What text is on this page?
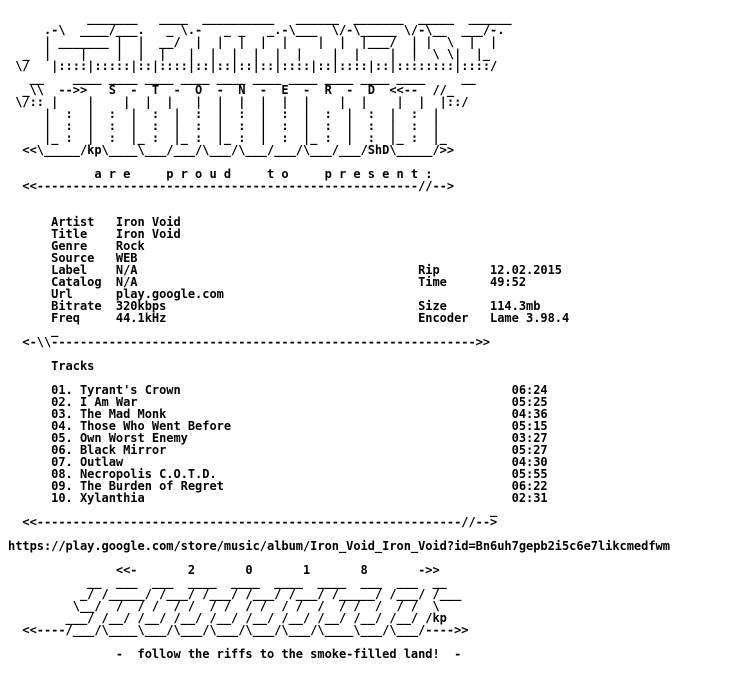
_______   ____  __________   ______  _______  _____  ______
.-\  ____/___.   _ \.-   _ _   _.-\___  \/-\_____ \/-\__  ___/-.
| _______ |  |  __/  |  |  |  |  |    |  |  |___/  | |  \  |  |
_  |    |    |  |  |   |  |  |  |  |  |    |  |    |  |  \ \|  |_
\/   |::::|:::::|::|::::|::|::|::|::|::::|::|::::|::|::::::::|::::/
__    ____ ____ ____ ____ ____ ____ ____ ____ ____ ____     __
_\\  -->>   S  -  T  -  O  -  N  -  E  -  R  -  D  <<--  //_
\/:: |    |    |  |  |   |  |  |  |  |  |    |  |    |  |  |::/
|  :  |  :  |  :  |  :  |  :  |  :  |  :  |  :  |  :  |
|  :  |  :  |  :  |  :  |  :  |  :  |  :  |  :  |  :  |
|_ :  |  :  |_ :  |_ :  |_ :  |  :  |_ :  |  :  |_ :  |_
<<\_____/kp\____\___/___/\___/\___/___/\___/___/ShD\_____/>>
a r e     p r o u d     t o     p r e s e n t :
<<-----------------------------------------------------//-->
Artist   Iron Void
Title    Iron Void
Genre    Rock
Source   WEB
Label    N/A                                       Rip       12.02.2015
Catalog  N/A                                       Time      49:52
Url      play.google.com
Bitrate  320kbps                                   Size      114.3mb
Freq     44.1kHz                                   Encoder   Lame 3.98.4
_
<-\\----------------------------------------------------------->>
Tracks
01. Tyrant's Crown                                              06:24
02. I Am War                                                    05:25
03. The Mad Monk                                                04:36
04. Those Who Went Before                                       05:15
05. Own Worst Enemy                                             03:27
06. Black Mirror                                                05:27
07. Outlaw                                                      04:30
08. Necropolis C.O.T.D.                                         05:55
09. The Burden of Regret                                        06:22
10. Xylanthia                                                   02:31
_
<<-----------------------------------------------------------//-->
https://play.google.com/store/music/album/Iron_Void_Iron_Void?id=Bn6uh7gepb2i5c6e7likcmedfwm
<<-       2       0       1       8       ->>
__  ___  ___  ____  ____  ____  ____  ___  ___  __
_/ /_____/ /___/ /___/ /___/ /___/ /_____/ /___/ /___
\__/  /  / /  / /  / /  / /  / /  /  / /  /  / /  \
___/ /__/ /__/ /__/ /__/ /__/ /__/ /__/ /__/ /__/ /kp
<<----/___/\____\___/\___/\___/\___/\___/\____\___/\___/---->>
-  follow the riffs to the smoke-filled land!  -
